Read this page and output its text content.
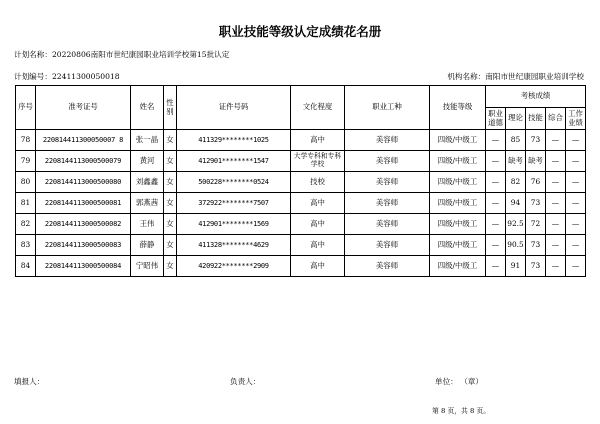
职业技能等级认定成绩花名册
计划名称：20220806南阳市世纪康园职业培训学校第15批认定
计划编号：22411300050018	机构名称：南阳市世纪康园职业培训学校
序号	准考证号	姓名	性别	证件号码	文化程度	职业工种	技能等级	考核成绩				
								职业道德	理论	技能	综合	工作业绩
78	220814411300050007 8	张一晶	女	411329********1025	高中	美容师	四级/中级工	—	85	73	—	—
79	2208144113000500079	黄河	女	412901********1547	大学专科和专科学校	美容师	四级/中级工	—	缺考	缺考	—	—
80	2208144113000500080	刘鑫鑫	女	500228********0524	技校	美容师	四级/中级工	—	82	76	—	—
81	2208144113000500081	郭燕茜	女	372922********7507	高中	美容师	四级/中级工	—	94	73	—	—
82	2208144113000500082	王伟	女	412901********1569	高中	美容师	四级/中级工	—	92.5	72	—	—
83	2208144113000500083	薛静	女	411328********4629	高中	美容师	四级/中级工	—	90.5	73	—	—
84	2208144113000500084	宁昭伟	女	420922********2909	高中	美容师	四级/中级工	—	91	73	—	—
填报人：	负责人：	单位： （章）
第 8 页，共 8 页。
